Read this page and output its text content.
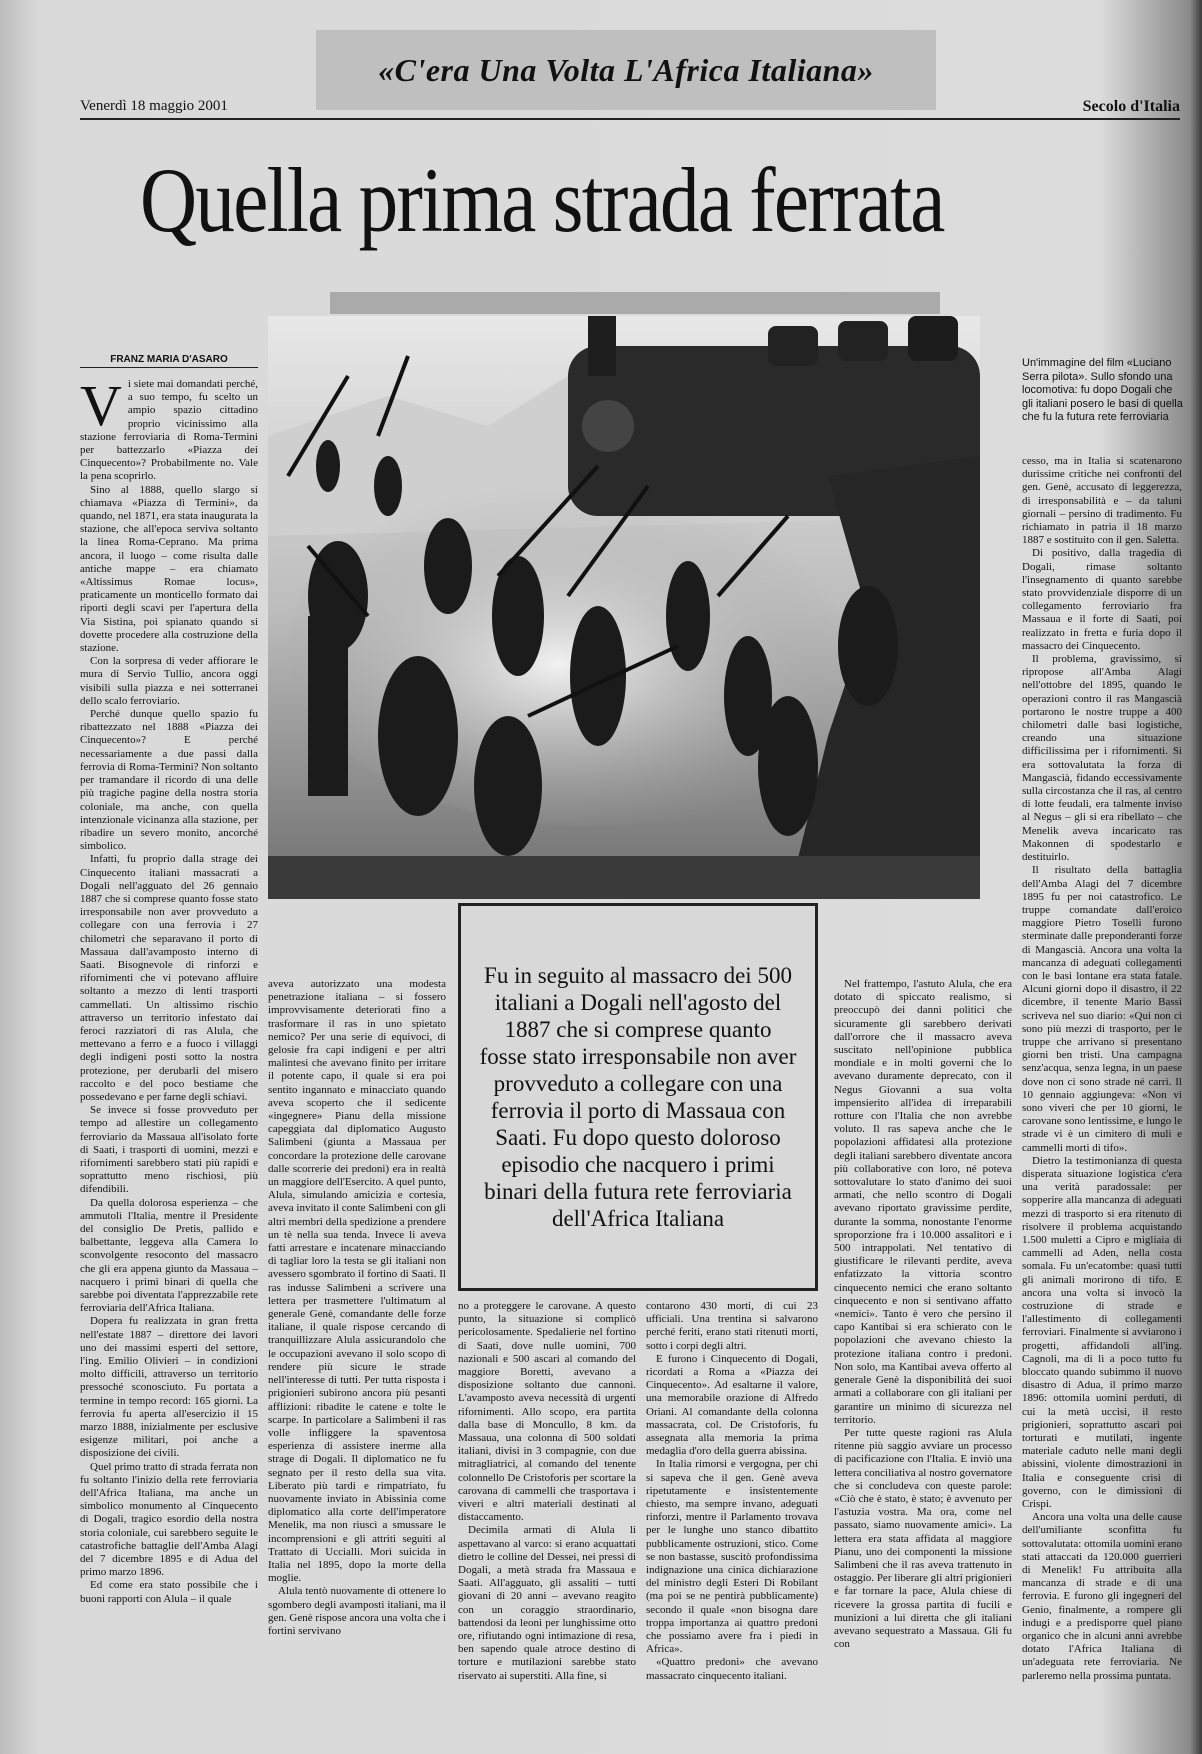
«C'era Una Volta L'Africa Italiana»
Venerdì 18 maggio 2001	Secolo d'Italia
Quella prima strada ferrata
Un'immagine del film «Luciano Serra pilota». Sullo sfondo una locomotiva: fu dopo Dogali che gli italiani posero le basi di quella che fu la futura rete ferroviaria
FRANZ MARIA D'ASARO

Vi siete mai domandati perché, a suo tempo, fu scelto un ampio spazio cittadino proprio vicinissimo alla stazione ferroviaria di Roma-Termini per battezzarlo «Piazza dei Cinquecento»? Probabilmente no. Vale la pena scoprirlo.

Sino al 1888, quello slargo si chiamava «Piazza di Termini», da quando, nel 1871, era stata inaugurata la stazione, che all'epoca serviva soltanto la linea Roma-Ceprano. Ma prima ancora, il luogo – come risulta dalle antiche mappe – era chiamato «Altissimus Romae locus», praticamente un monticello formato dai riporti degli scavi per l'apertura della Via Sistina, poi spianato quando si dovette procedere alla costruzione della stazione.

Con la sorpresa di veder affiorare le mura di Servio Tullio, ancora oggi visibili sulla piazza e nei sotterranei dello scalo ferroviario.

Perché dunque quello spazio fu ribattezzato nel 1888 «Piazza dei Cinquecento»? E perché necessariamente a due passi dalla ferrovia di Roma-Termini? Non soltanto per tramandare il ricordo di una delle più tragiche pagine della nostra storia coloniale, ma anche, con quella intenzionale vicinanza alla stazione, per ribadire un severo monito, ancorché simbolico.

Infatti, fu proprio dalla strage dei Cinquecento italiani massacrati a Dogali nell'agguato del 26 gennaio 1887 che si comprese quanto fosse stato irresponsabile non aver provveduto a collegare con una ferrovia i 27 chilometri che separavano il porto di Massaua dall'avamposto interno di Saati. Bisognevole di rinforzi e rifornimenti che vi potevano affluire soltanto a mezzo di lenti trasporti cammellati. Un altissimo rischio attraverso un territorio infestato dai feroci razziatori di ras Alula, che mettevano a ferro e a fuoco i villaggi degli indigeni posti sotto la nostra protezione, per derubarli del misero raccolto e del poco bestiame che possedevano e per farne degli schiavi.

Se invece si fosse provveduto per tempo ad allestire un collegamento ferroviario da Massaua all'isolato forte di Saati, i trasporti di uomini, mezzi e rifornimenti sarebbero stati più rapidi e soprattutto meno rischiosi, più difendibili.

Da quella dolorosa esperienza – che ammutolì l'Italia, mentre il Presidente del consiglio De Pretis, pallido e balbettante, leggeva alla Camera lo sconvolgente resoconto del massacro che gli era appena giunto da Massaua – nacquero i primi binari di quella che sarebbe poi diventata l'apprezzabile rete ferroviaria dell'Africa Italiana.

Dopera fu realizzata in gran fretta nell'estate 1887 – direttore dei lavori uno dei massimi esperti del settore, l'ing. Emilio Olivieri – in condizioni molto difficili, attraverso un territorio pressoché sconosciuto. Fu portata a termine in tempo record: 165 giorni. La ferrovia fu aperta all'esercizio il 15 marzo 1888, inizialmente per esclusive esigenze militari, poi anche a disposizione dei civili.

Quel primo tratto di strada ferrata non fu soltanto l'inizio della rete ferroviaria dell'Africa Italiana, ma anche un simbolico monumento al Cinquecento di Dogali, tragico esordio della nostra storia coloniale, cui sarebbero seguite le catastrofiche battaglie dell'Amba Alagi del 7 dicembre 1895 e di Adua del primo marzo 1896.

Ed come era stato possibile che i buoni rapporti con Alula – il quale

aveva autorizzato una modesta penetrazione italiana – si fossero improvvisamente deteriorati fino a trasformare il ras in uno spietato nemico? Per una serie di equivoci, di gelosie fra capi indigeni e per altri malintesi che avevano finito per irritare il potente capo, il quale si era poi sentito ingannato e minacciato quando aveva scoperto che il sedicente «ingegnere» Pianu della missione capeggiata dal diplomatico Augusto Salimbeni (giunta a Massaua per concordare la protezione delle carovane dalle scorrerie dei predoni) era in realtà un maggiore dell'Esercito. A quel punto, Alula, simulando amicizia e cortesia, aveva invitato il conte Salimbeni con gli altri membri della spedizione a prendere un tè nella sua tenda. Invece li aveva fatti arrestare e incatenare minacciando di tagliar loro la testa se gli italiani non avessero sgombrato il fortino di Saati. Il ras indusse Salimbeni a scrivere una lettera per trasmettere l'ultimatum al generale Genè, comandante delle forze italiane, il quale rispose cercando di tranquillizzare Alula assicurandolo che le occupazioni avevano il solo scopo di rendere più sicure le strade nell'interesse di tutti. Per tutta risposta i prigionieri subirono ancora più pesanti afflizioni: ribadite le catene e tolte le scarpe. In particolare a Salimbeni il ras volle infliggere la spaventosa esperienza di assistere inerme alla strage di Dogali. Il diplomatico ne fu segnato per il resto della sua vita. Liberato più tardi e rimpatriato, fu nuovamente inviato in Abissinia come diplomatico alla corte dell'imperatore Menelik, ma non riuscì a smussare le incomprensioni e gli attriti seguiti al Trattato di Uccialli. Morì suicida in Italia nel 1895, dopo la morte della moglie.

Alula tentò nuovamente di ottenere lo sgombero degli avamposti italiani, ma il gen. Genè rispose ancora una volta che i fortini servivano

Fu in seguito al massacro dei 500 italiani a Dogali nell'agosto del 1887 che si comprese quanto fosse stato irresponsabile non aver provveduto a collegare con una ferrovia il porto di Massaua con Saati. Fu dopo questo doloroso episodio che nacquero i primi binari della futura rete ferroviaria dell'Africa Italiana

no a proteggere le carovane. A questo punto, la situazione si complicò pericolosamente. Spedalierie nel fortino di Saati, dove nulle uomini, 700 nazionali e 500 ascari al comando del maggiore Boretti, avevano a disposizione soltanto due cannoni. L'avamposto aveva necessità di urgenti rifornimenti. Allo scopo, era partita dalla base di Moncullo, 8 km. da Massaua, una colonna di 500 soldati italiani, divisi in 3 compagnie, con due mitragliatrici, al comando del tenente colonnello De Cristoforis per scortare la carovana di cammelli che trasportava i viveri e altri materiali destinati al distaccamento.

Decimila armati di Alula li aspettavano al varco: si erano acquattati dietro le colline del Dessei, nei pressi di Dogali, a metà strada fra Massaua e Saati. All'agguato, gli assaliti – tutti giovani di 20 anni – avevano reagito con un coraggio straordinario, battendosi da leoni per lunghissime otto ore, rifiutando ogni intimazione di resa, ben sapendo quale atroce destino di torture e mutilazioni sarebbe stato riservato ai superstiti. Alla fine, si

contarono 430 morti, di cui 23 ufficiali. Una trentina si salvarono perché feriti, erano stati ritenuti morti, sotto i corpi degli altri.

E furono i Cinquecento di Dogali, ricordati a Roma a «Piazza dei Cinquecento». Ad esaltarne il valore, una memorabile orazione di Alfredo Oriani. Al comandante della colonna massacrata, col. De Cristoforis, fu assegnata alla memoria la prima medaglia d'oro della guerra abissina.

In Italia rimorsi e vergogna, per chi si sapeva che il gen. Genè aveva ripetutamente e insistentemente chiesto, ma sempre invano, adeguati rinforzi, mentre il Parlamento trovava per le lunghe uno stanco dibattito pubblicamente ostruzioni, stico. Come se non bastasse, suscitò profondissima indignazione una cinica dichiarazione del ministro degli Esteri Di Robilant (ma poi se ne pentirà pubblicamente) secondo il quale «non bisogna dare troppa importanza ai quattro predoni che possiamo avere fra i piedi in Africa».

«Quattro predoni» che avevano massacrato cinquecento italiani.

Nel frattempo, l'astuto Alula, che era dotato di spiccato realismo, si preoccupò dei danni politici che sicuramente gli sarebbero derivati dall'orrore che il massacro aveva suscitato nell'opinione pubblica mondiale e in molti governi che lo avevano duramente deprecato, con il Negus Giovanni a sua volta impensierito all'idea di irreparabili rotture con l'Italia che non avrebbe voluto. Il ras sapeva anche che le popolazioni affidatesi alla protezione degli italiani sarebbero diventate ancora più collaborative con loro, né poteva sottovalutare lo stato d'animo dei suoi armati, che nello scontro di Dogali avevano riportato gravissime perdite, durante la somma, nonostante l'enorme sproporzione fra i 10.000 assalitori e i 500 intrappolati. Nel tentativo di giustificare le rilevanti perdite, aveva enfatizzato la vittoria scontro cinquecento nemici che erano soltanto cinquecento e non si sentivano affatto «nemici». Tanto è vero che persino il capo Kantibai si era schierato con le popolazioni che avevano chiesto la protezione italiana contro i predoni. Non solo, ma Kantibai aveva offerto al generale Genè la disponibilità dei suoi armati a collaborare con gli italiani per garantire un minimo di sicurezza nel territorio.

Per tutte queste ragioni ras Alula ritenne più saggio avviare un processo di pacificazione con l'Italia. E inviò una lettera conciliativa al nostro governatore che si concludeva con queste parole: «Ciò che è stato, è stato; è avvenuto per l'astuzia vostra. Ma ora, come nel passato, siamo nuovamente amici». La lettera era stata affidata al maggiore Pianu, uno dei componenti la missione Salimbeni che il ras aveva trattenuto in ostaggio. Per liberare gli altri prigionieri e far tornare la pace, Alula chiese di ricevere la grossa partita di fucili e munizioni a lui diretta che gli italiani avevano sequestrato a Massaua. Gli fu con

cesso, ma in Italia si scatenarono durissime critiche nei confronti del gen. Genè, accusato di leggerezza, di irresponsabilità e – da taluni giornali – persino di tradimento. Fu richiamato in patria il 18 marzo 1887 e sostituito con il gen. Saletta.

Di positivo, dalla tragedia di Dogali, rimase soltanto l'insegnamento di quanto sarebbe stato provvidenziale disporre di un collegamento ferroviario fra Massaua e il forte di Saati, poi realizzato in fretta e furia dopo il massacro dei Cinquecento.

Il problema, gravissimo, si ripropose all'Amba Alagi nell'ottobre del 1895, quando le operazioni contro il ras Mangascià portarono le nostre truppe a 400 chilometri dalle basi logistiche, creando una situazione difficilissima per i rifornimenti. Si era sottovalutata la forza di Mangascià, fidando eccessivamente sulla circostanza che il ras, al centro di lotte feudali, era talmente inviso al Negus – gli si era ribellato – che Menelik aveva incaricato ras Makonnen di spodestarlo e destituirlo.

Il risultato della battaglia dell'Amba Alagi del 7 dicembre 1895 fu per noi catastrofico. Le truppe comandate dall'eroico maggiore Pietro Toselli furono sterminate dalle preponderanti forze di Mangascià. Ancora una volta la mancanza di adeguati collegamenti con le basi lontane era stata fatale. Alcuni giorni dopo il disastro, il 22 dicembre, il tenente Mario Bassi scriveva nel suo diario: «Qui non ci sono più mezzi di trasporto, per le truppe che arrivano si presentano giorni ben tristi. Una campagna senz'acqua, senza legna, in un paese dove non ci sono strade né carri. Il 10 gennaio aggiungeva: «Non vi sono viveri che per 10 giorni, le carovane sono lentissime, e lungo le strade vi è un cimitero di muli e cammelli morti di tifo».

Dietro la testimonianza di questa disperata situazione logistica c'era una verità paradossale: per sopperire alla mancanza di adeguati mezzi di trasporto si era ritenuto di risolvere il problema acquistando 1.500 muletti a Cipro e migliaia di cammelli ad Aden, nella costa somala. Fu un'ecatombe: quasi tutti gli animali morirono di tifo. E ancora una volta si invocò la costruzione di strade e l'allestimento di collegamenti ferroviari. Finalmente si avviarono i progetti, affidandoli all'ing. Cagnoli, ma di lì a poco tutto fu bloccato quando subimmo il nuovo disastro di Adua, il primo marzo 1896: ottomila uomini perduti, di cui la metà uccisi, il resto prigionieri, soprattutto ascari poi torturati e mutilati, ingente materiale caduto nelle mani degli abissini, violente dimostrazioni in Italia e conseguente crisi di governo, con le dimissioni di Crispi.

Ancora una volta una delle cause dell'umiliante sconfitta fu sottovalutata: ottomila uomini erano stati attaccati da 120.000 guerrieri di Menelik! Fu attribuita alla mancanza di strade e di una ferrovia. E furono gli ingegneri del Genio, finalmente, a rompere gli indugi e a predisporre quel piano organico che in alcuni anni avrebbe dotato l'Africa Italiana di un'adeguata rete ferroviaria. Ne parleremo nella prossima puntata.
